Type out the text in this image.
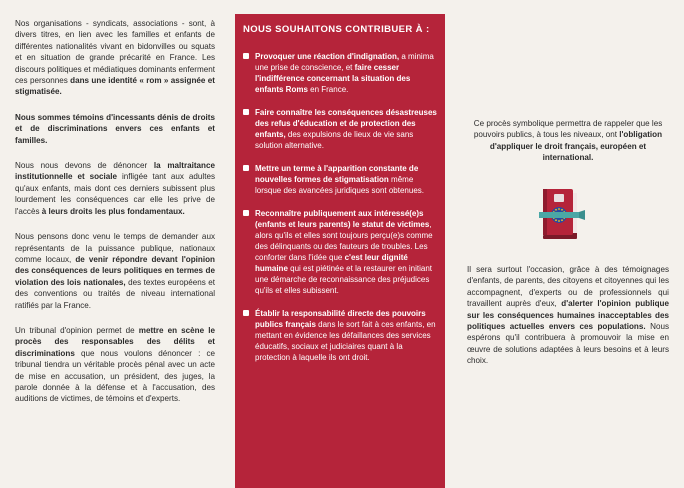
Nos organisations - syndicats, associations - sont, à divers titres, en lien avec les familles et enfants de différentes nationalités vivant en bidonvilles ou squats et en situation de grande précarité en France. Les discours politiques et médiatiques dominants enferment ces personnes dans une identité « rom » assignée et stigmatisée.

Nous sommes témoins d'incessants dénis de droits et de discriminations envers ces enfants et familles.

Nous nous devons de dénoncer la maltraitance institutionnelle et sociale infligée tant aux adultes qu'aux enfants, mais dont ces derniers subissent plus lourdement les conséquences car elle les prive de l'accès à leurs droits les plus fondamentaux.

Nous pensons donc venu le temps de demander aux représentants de la puissance publique, nationaux comme locaux, de venir répondre devant l'opinion des conséquences de leurs politiques en termes de violation des lois nationales, des textes européens et des conventions ou traités de niveau international ratifiés par la France.

Un tribunal d'opinion permet de mettre en scène le procès des responsables des délits et discriminations que nous voulons dénoncer : ce tribunal tiendra un véritable procès pénal avec un acte de mise en accusation, un président, des juges, la parole donnée à la défense et à l'accusation, des auditions de victimes, de témoins et d'experts.

NOUS SOUHAITONS CONTRIBUER À :
Provoquer une réaction d'indignation, a minima une prise de conscience, et faire cesser l'indifférence concernant la situation des enfants Roms en France.
Faire connaître les conséquences désastreuses des refus d'éducation et de protection des enfants, des expulsions de lieux de vie sans solution alternative.
Mettre un terme à l'apparition constante de nouvelles formes de stigmatisation même lorsque des avancées juridiques sont obtenues.
Reconnaître publiquement aux intéressé(e)s (enfants et leurs parents) le statut de victimes, alors qu'ils et elles sont toujours perçu(e)s comme des délinquants ou des fauteurs de troubles. Les conforter dans l'idée que c'est leur dignité humaine qui est piétinée et la restaurer en initiant une démarche de reconnaissance des préjudices qu'ils et elles subissent.
Établir la responsabilité directe des pouvoirs publics français dans le sort fait à ces enfants, en mettant en évidence les défaillances des services éducatifs, sociaux et judiciaires quant à la protection à laquelle ils ont droit.

Ce procès symbolique permettra de rappeler que les pouvoirs publics, à tous les niveaux, ont l'obligation d'appliquer le droit français, européen et international.

Il sera surtout l'occasion, grâce à des témoignages d'enfants, de parents, des citoyens et citoyennes qui les accompagnent, d'experts ou de professionnels qui travaillent auprès d'eux, d'alerter l'opinion publique sur les conséquences humaines inacceptables des politiques actuelles envers ces populations. Nous espérons qu'il contribuera à promouvoir la mise en œuvre de solutions adaptées à leurs besoins et à leurs choix.
